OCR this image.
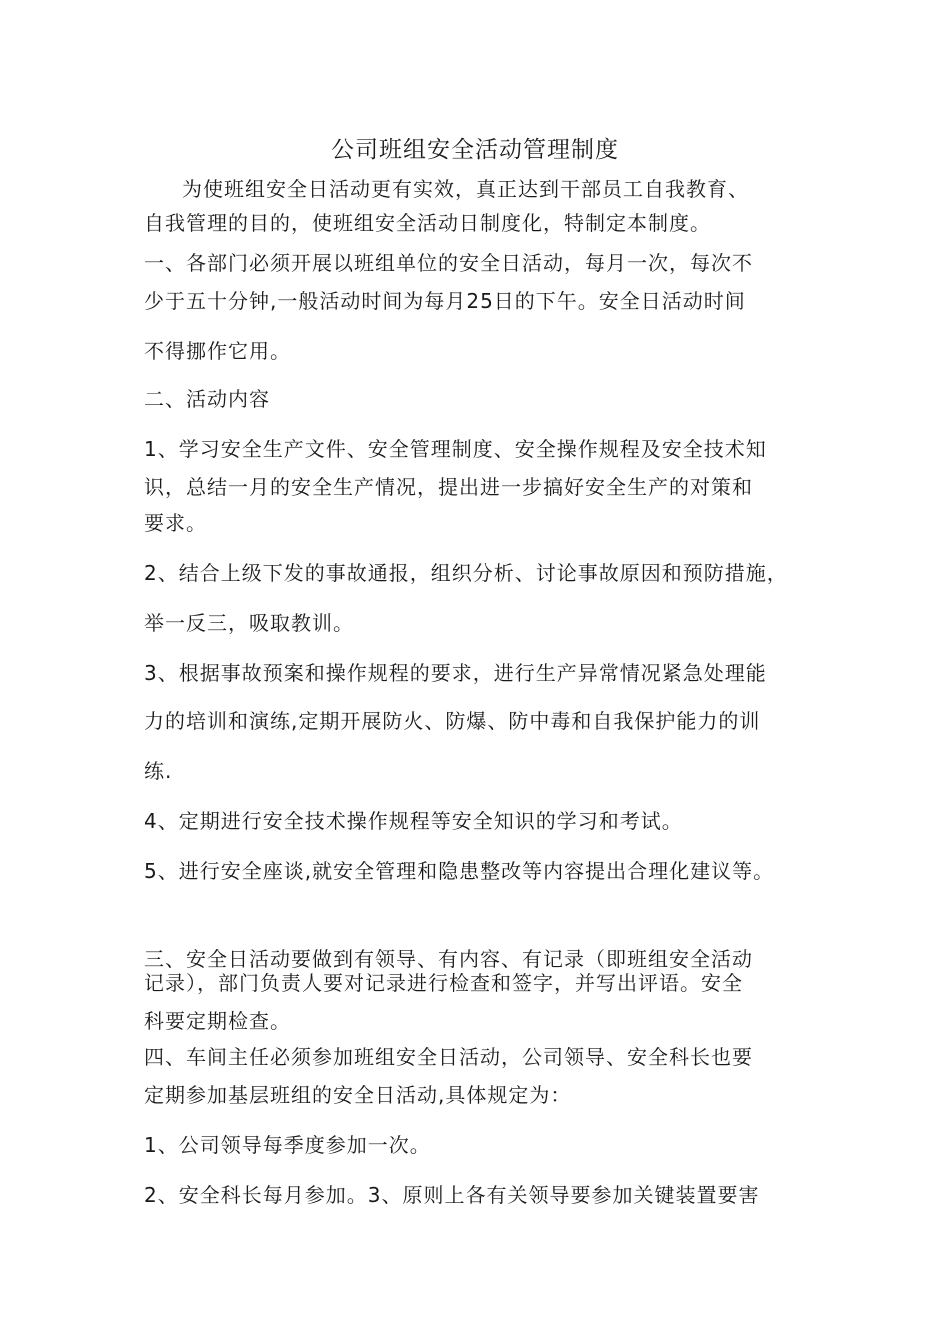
公司班组安全活动管理制度
为使班组安全日活动更有实效，真正达到干部员工自我教育、
自我管理的目的，使班组安全活动日制度化，特制定本制度。
一、各部门必须开展以班组单位的安全日活动，每月一次，每次不
少于五十分钟,一般活动时间为每月25日的下午。安全日活动时间
不得挪作它用。
二、活动内容
1、学习安全生产文件、安全管理制度、安全操作规程及安全技术知
识，总结一月的安全生产情况，提出进一步搞好安全生产的对策和
要求。
2、结合上级下发的事故通报，组织分析、讨论事故原因和预防措施，
举一反三，吸取教训。
3、根据事故预案和操作规程的要求，进行生产异常情况紧急处理能
力的培训和演练,定期开展防火、防爆、防中毒和自我保护能力的训
练.
4、定期进行安全技术操作规程等安全知识的学习和考试。
5、进行安全座谈,就安全管理和隐患整改等内容提出合理化建议等。
三、安全日活动要做到有领导、有内容、有记录（即班组安全活动
记录），部门负责人要对记录进行检查和签字，并写出评语。安全
科要定期检查。
四、车间主任必须参加班组安全日活动，公司领导、安全科长也要
定期参加基层班组的安全日活动,具体规定为：
1、公司领导每季度参加一次。
2、安全科长每月参加。3、原则上各有关领导要参加关键装置要害
